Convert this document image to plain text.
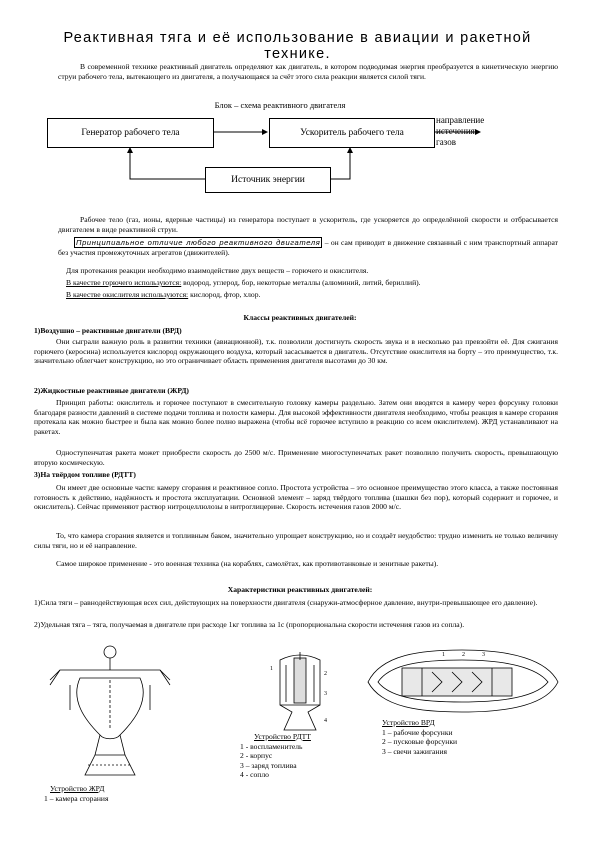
Реактивная тяга и её использование в авиации и ракетной технике.
В современной технике реактивный двигатель определяют как двигатель, в котором подводимая энергия преобразуется в кинетическую энергию струи рабочего тела, вытекающего из двигателя, а получающаяся за счёт этого сила реакции является силой тяги.
Блок – схема реактивного двигателя
Генератор рабочего тела	Ускоритель рабочего тела
Источник энергии
направление
истечения
газов
Рабочее тело (газ, ионы, ядерные частицы) из генератора поступает в ускоритель, где ускоряется до определённой скорости и отбрасывается двигателем в виде реактивной струи.
Принципиальное отличие любого реактивного двигателя – он сам приводит в движение связанный с ним транспортный аппарат без участия промежуточных агрегатов (движителей).
Для протекания реакции необходимо взаимодействие двух веществ – горючего и окислителя.
В качестве горючего используются: водород, углерод, бор, некоторые металлы (алюминий, литий, бериллий).
В качестве окислителя используются: кислород, фтор, хлор.
Классы реактивных двигателей:
1)Воздушно – реактивные двигатели (ВРД)
Они сыграли важную роль в развитии техники (авиационной), т.к. позволили достигнуть скорость звука и в несколько раз превзойти её. Для сжигания горючего (керосина) используется кислород окружающего воздуха, который засасывается в двигатель. Отсутствие окислителя на борту – это преимущество, т.к. значительно облегчает конструкцию, но это ограничивает область применения двигателя высотами до 30 км.
2)Жидкостные реактивные двигатели (ЖРД)
Принцип работы: окислитель и горючее поступают в смесительную головку камеры раздельно. Затем они вводятся в камеру через форсунку головки благодаря разности давлений в системе подачи топлива и полости камеры. Для высокой эффективности двигателя необходимо, чтобы реакция в камере сгорания протекала как можно быстрее и была как можно более полно выражена (чтобы всё горючее вступило в реакцию со всем окислителем). ЖРД устанавливают на ракетах.
Одноступенчатая ракета может приобрести скорость до 2500 м/с. Применение многоступенчатых ракет позволило получить скорость, превышающую вторую космическую.
3)На твёрдом топливе (РДТТ)
Он имеет две основные части: камеру сгорания и реактивное сопло. Простота устройства – это основное преимущество этого класса, а также постоянная готовность к действию, надёжность и простота эксплуатации. Основной элемент – заряд твёрдого топлива (шашки без пор), который содержит и горючее, и окислитель). Сейчас применяют раствор нитроцеллюлозы в нитроглицерине. Скорость истечения газов 2000 м/с.
То, что камера сгорания является и топливным баком, значительно упрощает конструкцию, но и создаёт неудобство: трудно изменить не только величину силы тяги, но и её направление.
Самое широкое применение - это военная техника (на кораблях, самолётах, как противотанковые и зенитные ракеты).
Характеристики реактивных двигателей:
1)Сила тяги – равнодействующая всех сил, действующих на поверхности двигателя (снаружи-атмосферное давление, внутри-превышающее его давление).
2)Удельная тяга – тяга, получаемая в двигателе при расходе 1кг топлива за 1с (пропорциональна скорости истечения газов из сопла).
1
2
3
4
1	2	3
Устройство ВРД
1 – рабочие форсунки
2 – пусковые форсунки
3 – свечи зажигания
Устройство РДТТ
1 - воспламенитель
2 - корпус
3 – заряд топлива
4 - сопло
Устройство ЖРД
1 – камера сгорания
